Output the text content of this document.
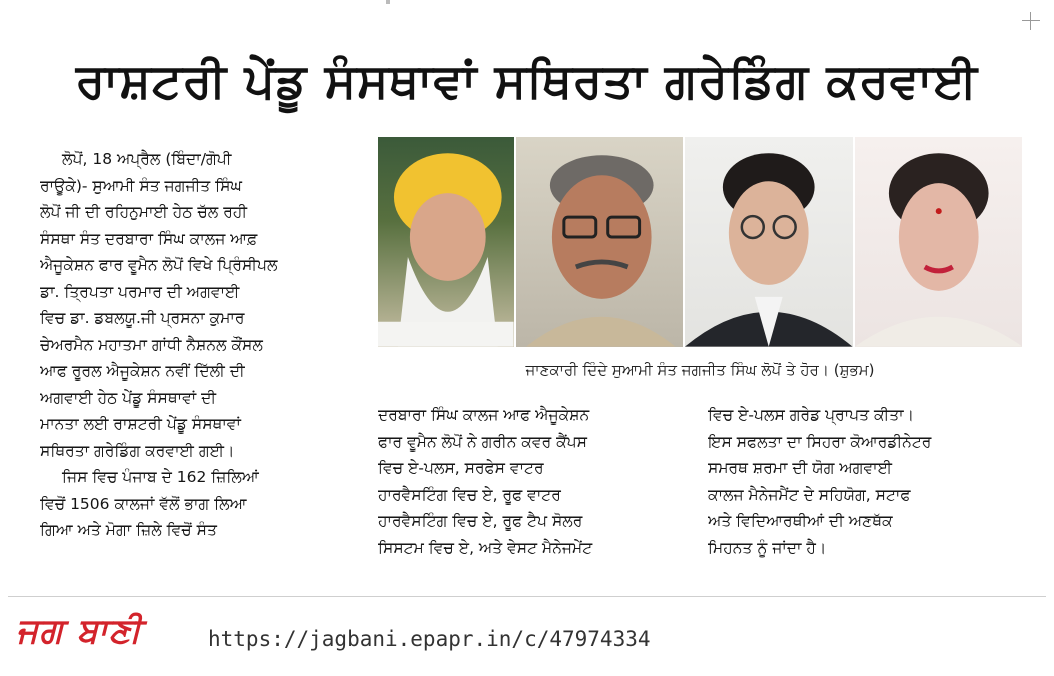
ਰਾਸ਼ਟਰੀ ਪੇਂਡੂ ਸੰਸਥਾਵਾਂ ਸਥਿਰਤਾ ਗਰੇਡਿੰਗ ਕਰਵਾਈ
ਲੋਪੋਂ, 18 ਅਪ੍ਰੈਲ (ਬਿੰਦਾ/ਗੋਪੀ
ਰਾਊਕੇ)- ਸੁਆਮੀ ਸੰਤ ਜਗਜੀਤ ਸਿੰਘ
ਲੋਪੋਂ ਜੀ ਦੀ ਰਹਿਨੁਮਾਈ ਹੇਠ ਚੱਲ ਰਹੀ
ਸੰਸਥਾ ਸੰਤ ਦਰਬਾਰਾ ਸਿੰਘ ਕਾਲਜ ਆਫ਼
ਐਜੂਕੇਸ਼ਨ ਫਾਰ ਵੂਮੈਨ ਲੋਪੋਂ ਵਿਖੇ ਪ੍ਰਿੰਸੀਪਲ
ਡਾ. ਤ੍ਰਿਪਤਾ ਪਰਮਾਰ ਦੀ ਅਗਵਾਈ
ਵਿਚ ਡਾ. ਡਬਲਯੂ.ਜੀ ਪ੍ਰਸਨਾ ਕੁਮਾਰ
ਚੇਅਰਮੈਨ ਮਹਾਤਮਾ ਗਾਂਧੀ ਨੈਸ਼ਨਲ ਕੌਂਸਲ
ਆਫ ਰੂਰਲ ਐਜੂਕੇਸ਼ਨ ਨਵੀਂ ਦਿੱਲੀ ਦੀ
ਅਗਵਾਈ ਹੇਠ ਪੇਂਡੂ ਸੰਸਥਾਵਾਂ ਦੀ
ਮਾਨਤਾ ਲਈ ਰਾਸ਼ਟਰੀ ਪੇਂਡੂ ਸੰਸਥਾਵਾਂ
ਸਥਿਰਤਾ ਗਰੇਡਿੰਗ ਕਰਵਾਈ ਗਈ।
ਜਿਸ ਵਿਚ ਪੰਜਾਬ ਦੇ 162 ਜ਼ਿਲਿਆਂ
ਵਿਚੋਂ 1506 ਕਾਲਜਾਂ ਵੱਲੋਂ ਭਾਗ ਲਿਆ
ਗਿਆ ਅਤੇ ਮੋਗਾ ਜ਼ਿਲੇ ਵਿਚੋਂ ਸੰਤ
ਜਾਣਕਾਰੀ ਦਿੰਦੇ ਸੁਆਮੀ ਸੰਤ ਜਗਜੀਤ ਸਿੰਘ ਲੋਪੋਂ ਤੇ ਹੋਰ। (ਸ਼ੁਭਮ)
ਦਰਬਾਰਾ ਸਿੰਘ ਕਾਲਜ ਆਫ ਐਜੂਕੇਸ਼ਨ
ਫਾਰ ਵੂਮੈਨ ਲੋਪੋਂ ਨੇ ਗਰੀਨ ਕਵਰ ਕੈਂਪਸ
ਵਿਚ ਏ-ਪਲਸ, ਸਰਫੇਸ ਵਾਟਰ
ਹਾਰਵੈਸਟਿੰਗ ਵਿਚ ਏ, ਰੂਫ ਵਾਟਰ
ਹਾਰਵੈਸਟਿੰਗ ਵਿਚ ਏ, ਰੂਫ ਟੈਪ ਸੋਲਰ
ਸਿਸਟਮ ਵਿਚ ਏ, ਅਤੇ ਵੇਸਟ ਮੈਨੇਜਮੇਂਟ
ਵਿਚ ਏ-ਪਲਸ ਗਰੇਡ ਪ੍ਰਾਪਤ ਕੀਤਾ।
ਇਸ ਸਫਲਤਾ ਦਾ ਸਿਹਰਾ ਕੋਆਰਡੀਨੇਟਰ
ਸਮਰਥ ਸ਼ਰਮਾ ਦੀ ਯੋਗ ਅਗਵਾਈ
ਕਾਲਜ ਮੈਨੇਜਮੈਂਟ ਦੇ ਸਹਿਯੋਗ, ਸਟਾਫ
ਅਤੇ ਵਿਦਿਆਰਥੀਆਂ ਦੀ ਅਣਥੱਕ
ਮਿਹਨਤ ਨੂੰ ਜਾਂਦਾ ਹੈ।
ਜਗ ਬਾਣੀ	https://jagbani.epapr.in/c/47974334
